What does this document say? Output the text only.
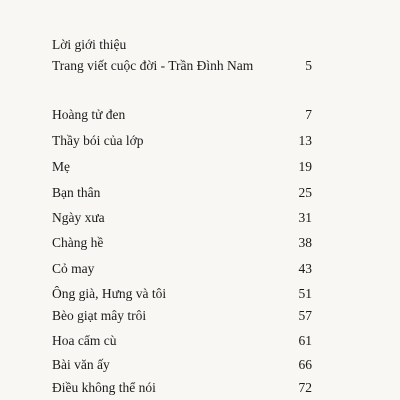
Lời giới thiệu
Trang viết cuộc đời - Trần Đình Nam	5
Hoàng tử đen	7
Thầy bói của lớp	13
Mẹ	19
Bạn thân	25
Ngày xưa	31
Chàng hề	38
Cỏ may	43
Ông già, Hưng và tôi	51
Bèo giạt mây trôi	57
Hoa cẩm cù	61
Bài văn ấy	66
Điều không thể nói	72
